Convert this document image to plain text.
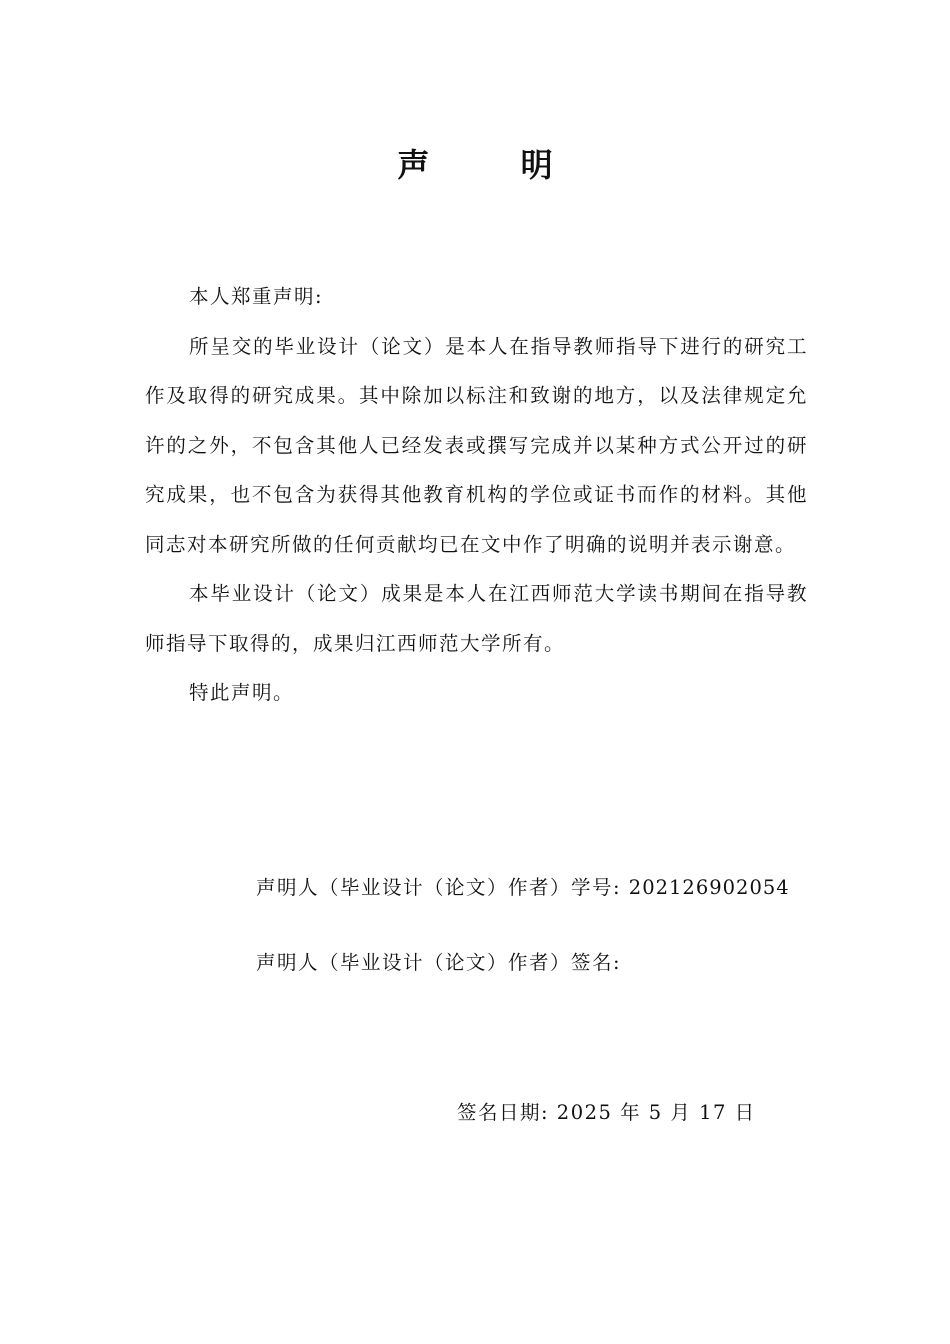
声 明

本人郑重声明:

所呈交的毕业设计（论文）是本人在指导教师指导下进行的研究工作及取得的研究成果。其中除加以标注和致谢的地方，以及法律规定允许的之外，不包含其他人已经发表或撰写完成并以某种方式公开过的研究成果，也不包含为获得其他教育机构的学位或证书而作的材料。其他同志对本研究所做的任何贡献均已在文中作了明确的说明并表示谢意。

本毕业设计（论文）成果是本人在江西师范大学读书期间在指导教师指导下取得的，成果归江西师范大学所有。

特此声明。

声明人（毕业设计（论文）作者）学号: 202126902054
声明人（毕业设计（论文）作者）签名:
签名日期: 2025 年 5 月 17 日
